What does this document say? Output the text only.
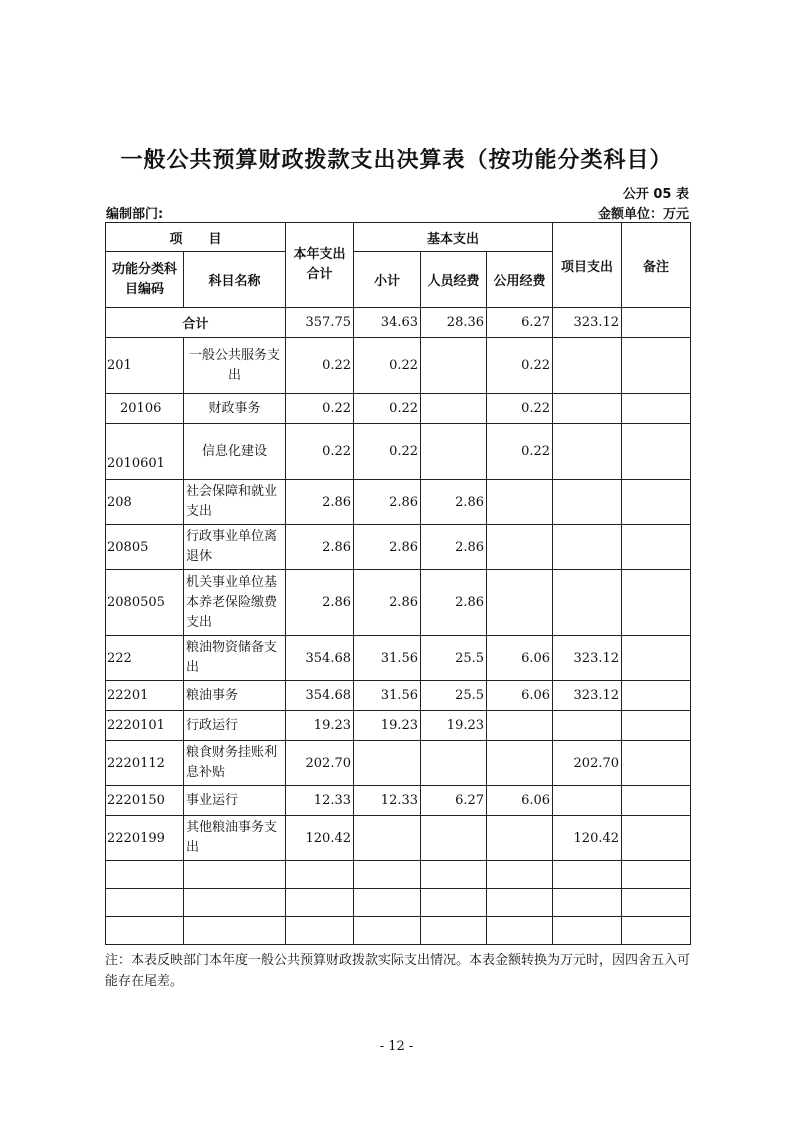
一般公共预算财政拨款支出决算表（按功能分类科目）
公开 05 表
编制部门:	金额单位：万元
项　　目		本年支出合计	基本支出			项目支出	备注
功能分类科目编码	科目名称		小计	人员经费	公用经费		
合计		357.75	34.63	28.36	6.27	323.12	
201	一般公共服务支出	0.22	0.22		0.22		
20106	财政事务	0.22	0.22		0.22		
2010601	信息化建设	0.22	0.22		0.22		
208	社会保障和就业支出	2.86	2.86	2.86			
20805	行政事业单位离退休	2.86	2.86	2.86			
2080505	机关事业单位基本养老保险缴费支出	2.86	2.86	2.86			
222	粮油物资储备支出	354.68	31.56	25.5	6.06	323.12	
22201	粮油事务	354.68	31.56	25.5	6.06	323.12	
2220101	行政运行	19.23	19.23	19.23			
2220112	粮食财务挂账利息补贴	202.70				202.70	
2220150	事业运行	12.33	12.33	6.27	6.06		
2220199	其他粮油事务支出	120.42				120.42	

注：本表反映部门本年度一般公共预算财政拨款实际支出情况。本表金额转换为万元时，因四舍五入可能存在尾差。
- 12 -
